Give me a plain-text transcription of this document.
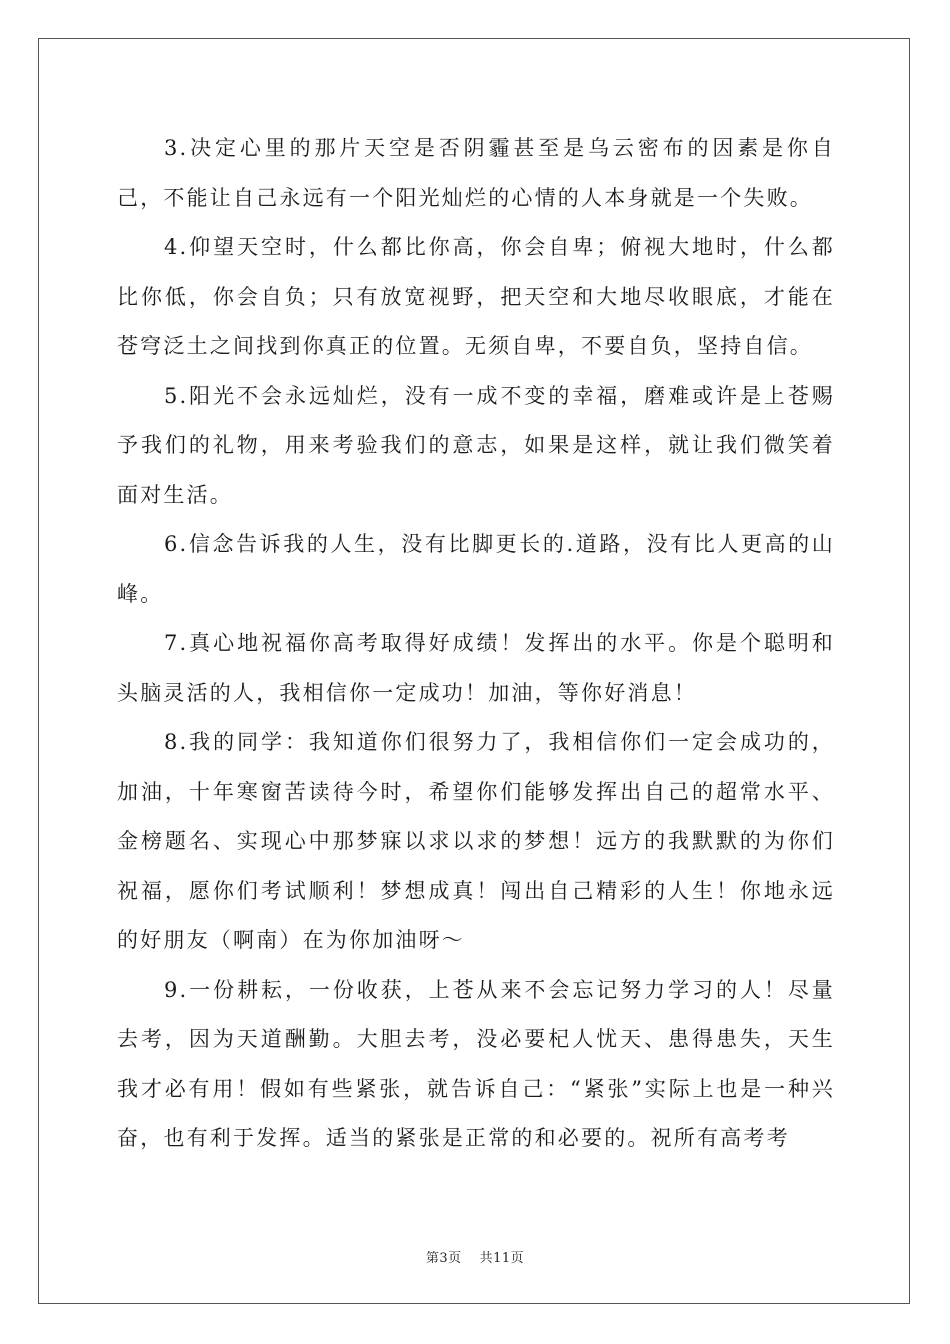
3.决定心里的那片天空是否阴霾甚至是乌云密布的因素是你自己，不能让自己永远有一个阳光灿烂的心情的人本身就是一个失败。

4.仰望天空时，什么都比你高，你会自卑；俯视大地时，什么都比你低，你会自负；只有放宽视野，把天空和大地尽收眼底，才能在苍穹泛土之间找到你真正的位置。无须自卑，不要自负，坚持自信。

5.阳光不会永远灿烂，没有一成不变的幸福，磨难或许是上苍赐予我们的礼物，用来考验我们的意志，如果是这样，就让我们微笑着面对生活。

6.信念告诉我的人生，没有比脚更长的.道路，没有比人更高的山峰。

7.真心地祝福你高考取得好成绩！发挥出的水平。你是个聪明和头脑灵活的人，我相信你一定成功！加油，等你好消息！

8.我的同学：我知道你们很努力了，我相信你们一定会成功的，加油，十年寒窗苦读待今时，希望你们能够发挥出自己的超常水平、金榜题名、实现心中那梦寐以求以求的梦想！远方的我默默的为你们祝福，愿你们考试顺利！梦想成真！闯出自己精彩的人生！你地永远的好朋友（啊南）在为你加油呀～

9.一份耕耘，一份收获，上苍从来不会忘记努力学习的人！尽量去考，因为天道酬勤。大胆去考，没必要杞人忧天、患得患失，天生我才必有用！假如有些紧张，就告诉自己：“紧张”实际上也是一种兴奋，也有利于发挥。适当的紧张是正常的和必要的。祝所有高考考

第3页 共11页
